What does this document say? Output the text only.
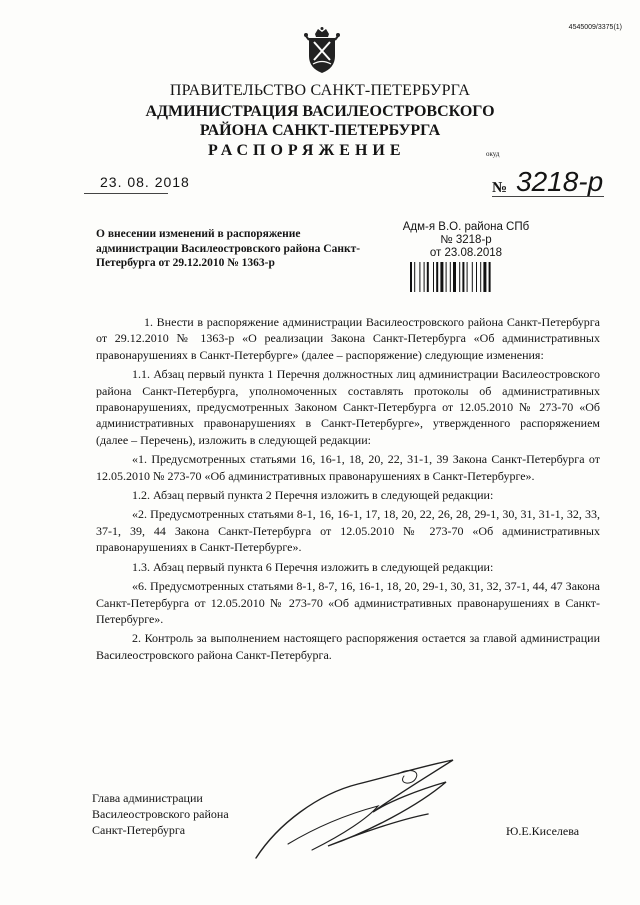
4545009/3375(1)
ПРАВИТЕЛЬСТВО САНКТ-ПЕТЕРБУРГА
АДМИНИСТРАЦИЯ ВАСИЛЕОСТРОВСКОГО
РАЙОНА САНКТ-ПЕТЕРБУРГА
РАСПОРЯЖЕНИЕ	окуд
23. 08. 2018	№ 3218-р
О внесении изменений в распоряжение администрации Василеостровского района Санкт-Петербурга от 29.12.2010 № 1363-р
Адм-я В.О. района СПб
№ 3218-р
от 23.08.2018

1. Внести в распоряжение администрации Василеостровского района Санкт-Петербурга от 29.12.2010 № 1363-р «О реализации Закона Санкт-Петербурга «Об административных правонарушениях в Санкт-Петербурге» (далее – распоряжение) следующие изменения:

1.1. Абзац первый пункта 1 Перечня должностных лиц администрации Василеостровского района Санкт-Петербурга, уполномоченных составлять протоколы об административных правонарушениях, предусмотренных Законом Санкт-Петербурга от 12.05.2010 № 273-70 «Об административных правонарушениях в Санкт-Петербурге», утвержденного распоряжением (далее – Перечень), изложить в следующей редакции:

«1. Предусмотренных статьями 16, 16-1, 18, 20, 22, 31-1, 39 Закона Санкт-Петербурга от 12.05.2010 № 273-70 «Об административных правонарушениях в Санкт-Петербурге».

1.2. Абзац первый пункта 2 Перечня изложить в следующей редакции:

«2. Предусмотренных статьями 8-1, 16, 16-1, 17, 18, 20, 22, 26, 28, 29-1, 30, 31, 31-1, 32, 33, 37-1, 39, 44 Закона Санкт-Петербурга от 12.05.2010 № 273-70 «Об административных правонарушениях в Санкт-Петербурге».

1.3. Абзац первый пункта 6 Перечня изложить в следующей редакции:

«6. Предусмотренных статьями 8-1, 8-7, 16, 16-1, 18, 20, 29-1, 30, 31, 32, 37-1, 44, 47 Закона Санкт-Петербурга от 12.05.2010 № 273-70 «Об административных правонарушениях в Санкт-Петербурге».

2. Контроль за выполнением настоящего распоряжения остается за главой администрации Василеостровского района Санкт-Петербурга.

Глава администрации
Василеостровского района
Санкт-Петербурга	Ю.Е.Киселева
